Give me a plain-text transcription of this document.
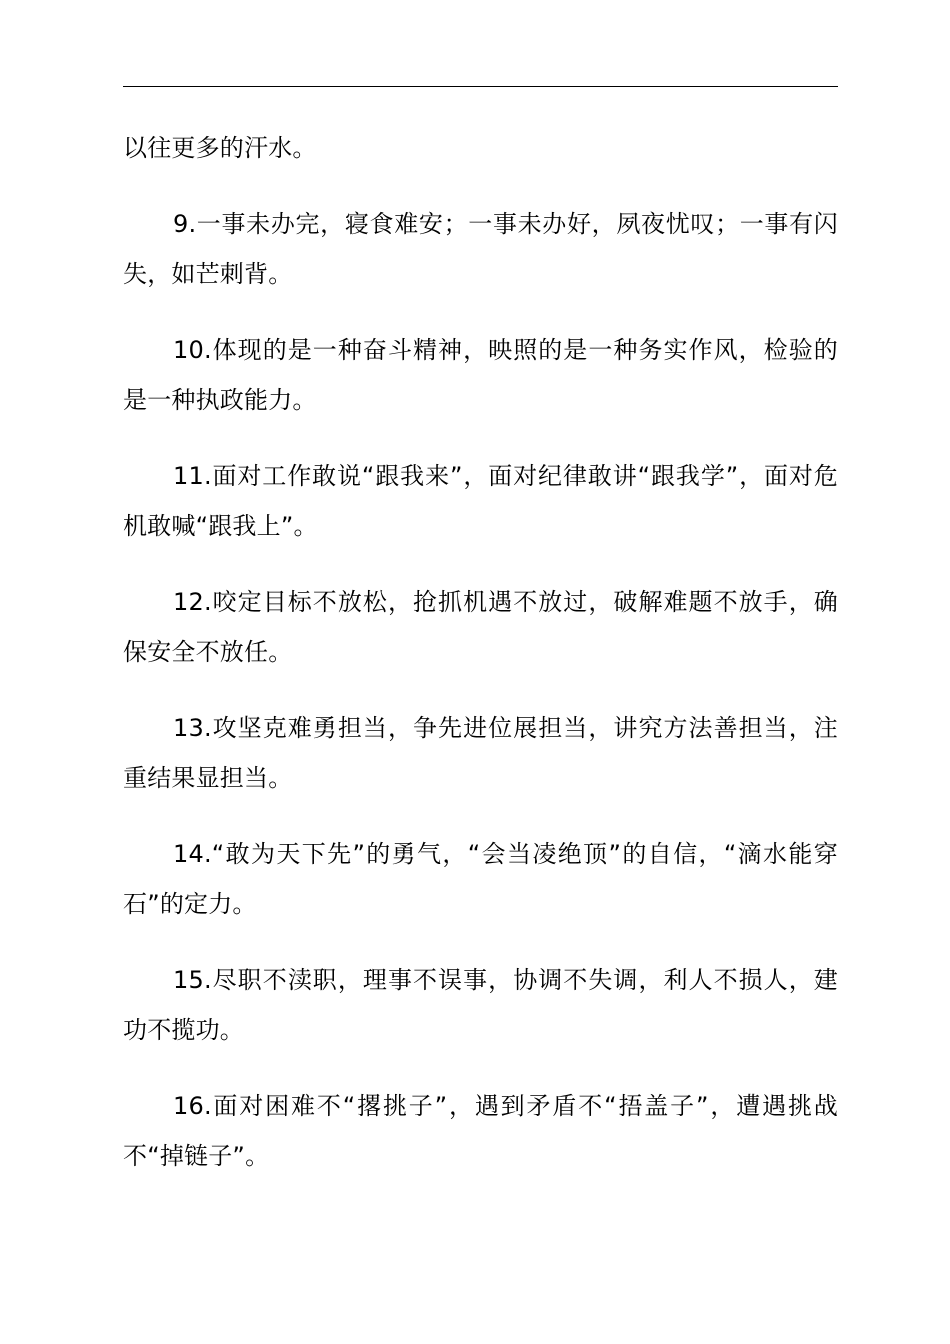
以往更多的汗水。

9.一事未办完，寝食难安；一事未办好，夙夜忧叹；一事有闪失，如芒刺背。

10.体现的是一种奋斗精神，映照的是一种务实作风，检验的是一种执政能力。

11.面对工作敢说“跟我来”，面对纪律敢讲“跟我学”，面对危机敢喊“跟我上”。

12.咬定目标不放松，抢抓机遇不放过，破解难题不放手，确保安全不放任。

13.攻坚克难勇担当，争先进位展担当，讲究方法善担当，注重结果显担当。

14.“敢为天下先”的勇气，“会当凌绝顶”的自信，“滴水能穿石”的定力。

15.尽职不渎职，理事不误事，协调不失调，利人不损人，建功不揽功。

16.面对困难不“撂挑子”，遇到矛盾不“捂盖子”，遭遇挑战不“掉链子”。
